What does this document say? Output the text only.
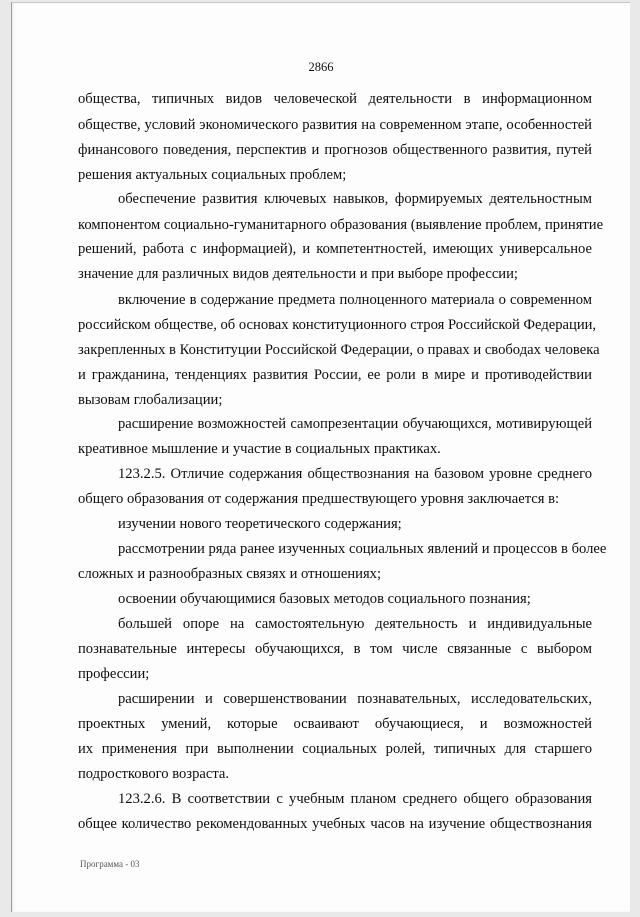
2866
общества, типичных видов человеческой деятельности в информационном
обществе, условий экономического развития на современном этапе, особенностей
финансового поведения, перспектив и прогнозов общественного развития, путей
решения актуальных социальных проблем;
обеспечение развития ключевых навыков, формируемых деятельностным
компонентом социально-гуманитарного образования (выявление проблем, принятие
решений, работа с информацией), и компетентностей, имеющих универсальное
значение для различных видов деятельности и при выборе профессии;
включение в содержание предмета полноценного материала о современном
российском обществе, об основах конституционного строя Российской Федерации,
закрепленных в Конституции Российской Федерации, о правах и свободах человека
и гражданина, тенденциях развития России, ее роли в мире и противодействии
вызовам глобализации;
расширение возможностей самопрезентации обучающихся, мотивирующей
креативное мышление и участие в социальных практиках.
123.2.5. Отличие содержания обществознания на базовом уровне среднего
общего образования от содержания предшествующего уровня заключается в:
изучении нового теоретического содержания;
рассмотрении ряда ранее изученных социальных явлений и процессов в более
сложных и разнообразных связях и отношениях;
освоении обучающимися базовых методов социального познания;
большей опоре на самостоятельную деятельность и индивидуальные
познавательные интересы обучающихся, в том числе связанные с выбором
профессии;
расширении и совершенствовании познавательных, исследовательских,
проектных умений, которые осваивают обучающиеся, и возможностей
их применения при выполнении социальных ролей, типичных для старшего
подросткового возраста.
123.2.6. В соответствии с учебным планом среднего общего образования
общее количество рекомендованных учебных часов на изучение обществознания
Программа - 03
